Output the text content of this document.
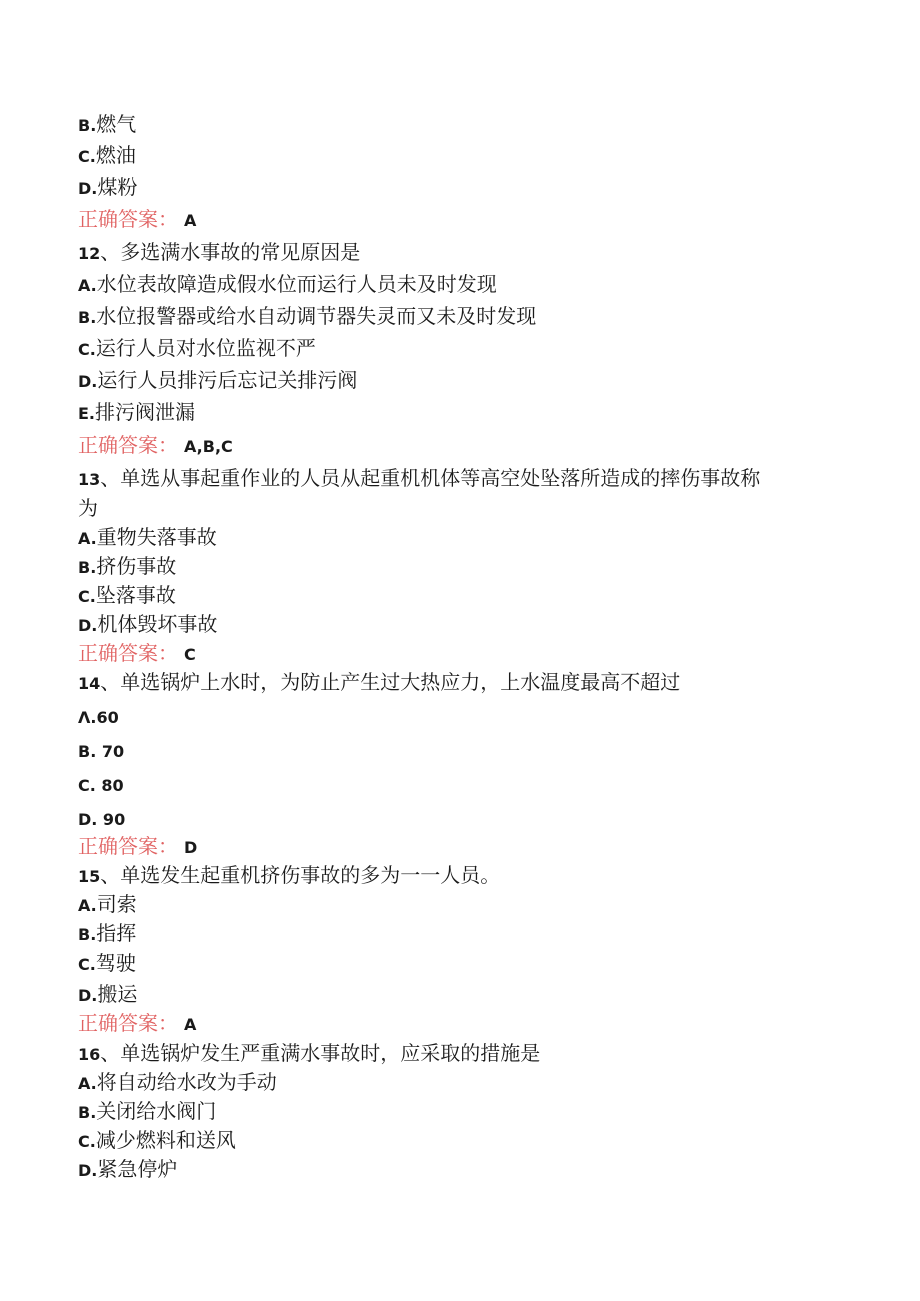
B.燃气
C.燃油
D.煤粉
正确答案： A
12、多选满水事故的常见原因是
A.水位表故障造成假水位而运行人员未及时发现
B.水位报警器或给水自动调节器失灵而又未及时发现
C.运行人员对水位监视不严
D.运行人员排污后忘记关排污阀
E.排污阀泄漏
正确答案： A,B,C
13、单选从事起重作业的人员从起重机机体等高空处坠落所造成的摔伤事故称
为
A.重物失落事故
B.挤伤事故
C.坠落事故
D.机体毁坏事故
正确答案： C
14、单选锅炉上水时，为防止产生过大热应力，上水温度最高不超过
Λ.60
B. 70
C. 80
D. 90
正确答案： D
15、单选发生起重机挤伤事故的多为一一人员。
A.司索
B.指挥
C.驾驶
D.搬运
正确答案： A
16、单选锅炉发生严重满水事故时，应采取的措施是
A.将自动给水改为手动
B.关闭给水阀门
C.减少燃料和送风
D.紧急停炉
